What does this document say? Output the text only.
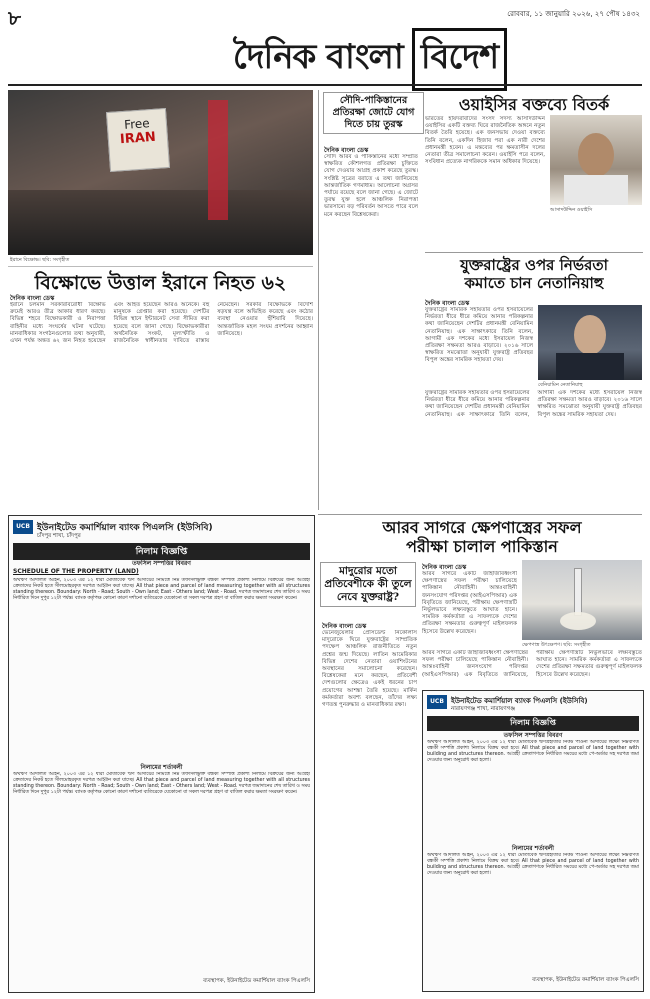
৮	রোববার, ১১ জানুয়ারি ২০২৬, ২৭ পৌষ ১৪৩২
দৈনিক বাংলা বিদেশ
Free
IRAN
ইরানে বিক্ষোভ। ছবি: সংগৃহীত
বিক্ষোভে উত্তাল ইরানে নিহত ৬২
দৈনিক বাংলা ডেস্ক
ইরানে চলমান সরকারবিরোধী বিক্ষোভ ক্রমেই আরও তীব্র আকার ধারণ করছে। বিভিন্ন শহরে বিক্ষোভকারী ও নিরাপত্তা বাহিনীর মধ্যে সংঘর্ষের ঘটনা ঘটেছে। মানবাধিকার সংগঠনগুলোর তথ্য অনুযায়ী, এখন পর্যন্ত অন্তত ৬২ জন নিহত হয়েছেন এবং আহত হয়েছেন আরও অনেকে। বহু মানুষকে গ্রেপ্তার করা হয়েছে। দেশটির বিভিন্ন স্থানে ইন্টারনেট সেবা সীমিত করা হয়েছে বলে জানা গেছে। বিক্ষোভকারীরা অর্থনৈতিক সংকট, মূল্যস্ফীতি ও রাজনৈতিক স্বাধীনতার দাবিতে রাস্তায় নেমেছেন। সরকার বিক্ষোভকে বিদেশি ষড়যন্ত্র বলে অভিহিত করেছে এবং কঠোর ব্যবস্থা নেওয়ার হুঁশিয়ারি দিয়েছে। আন্তর্জাতিক মহল সংযম প্রদর্শনের আহ্বান জানিয়েছে।
সৌদি-পাকিস্তানের প্রতিরক্ষা জোটে যোগ দিতে চায় তুরস্ক
দৈনিক বাংলা ডেস্ক
সৌদি আরব ও পাকিস্তানের মধ্যে সম্প্রতি স্বাক্ষরিত কৌশলগত প্রতিরক্ষা চুক্তিতে যোগ দেওয়ার আগ্রহ প্রকাশ করেছে তুরস্ক। সংশ্লিষ্ট সূত্রের বরাতে এ তথ্য জানিয়েছে আন্তর্জাতিক গণমাধ্যম। আলোচনা অগ্রসর পর্যায়ে রয়েছে বলে জানা গেছে। এ জোটে তুরস্ক যুক্ত হলে আঞ্চলিক নিরাপত্তা ভারসাম্যে বড় পরিবর্তন আসতে পারে বলে মনে করছেন বিশ্লেষকেরা।
ওয়াইসির বক্তব্যে বিতর্ক
ভারতের হায়দরাবাদের সংসদ সদস্য আসাদউদ্দিন ওয়াইসির একটি বক্তব্য ঘিরে রাজনৈতিক অঙ্গনে নতুন বিতর্ক তৈরি হয়েছে। এক জনসভায় দেওয়া বক্তব্যে তিনি বলেন, একদিন হিজাব পরা এক নারী দেশের প্রধানমন্ত্রী হবেন। এ মন্তব্যের পর ক্ষমতাসীন দলের নেতারা তীব্র সমালোচনা করেন। ওয়াইসি পরে বলেন, সংবিধান প্রত্যেক নাগরিককে সমান অধিকার দিয়েছে।
আসাদউদ্দিন ওয়াইসি
যুক্তরাষ্ট্রের ওপর নির্ভরতা
কমাতে চান নেতানিয়াহু
দৈনিক বাংলা ডেস্ক
যুক্তরাষ্ট্রের সামরিক সহায়তার ওপর ইসরায়েলের নির্ভরতা ধীরে ধীরে কমিয়ে আনার পরিকল্পনার কথা জানিয়েছেন দেশটির প্রধানমন্ত্রী বেনিয়ামিন নেতানিয়াহু। এক সাক্ষাৎকারে তিনি বলেন, আগামী এক দশকের মধ্যে ইসরায়েল নিজস্ব প্রতিরক্ষা সক্ষমতা আরও বাড়াবে। ২০১৬ সালে স্বাক্ষরিত সমঝোতা অনুযায়ী যুক্তরাষ্ট্র প্রতিবছর বিপুল অঙ্কের সামরিক সহায়তা দেয়।
বেনিয়ামিন নেতানিয়াহু
যুক্তরাষ্ট্রের সামরিক সহায়তার ওপর ইসরায়েলের নির্ভরতা ধীরে ধীরে কমিয়ে আনার পরিকল্পনার কথা জানিয়েছেন দেশটির প্রধানমন্ত্রী বেনিয়ামিন নেতানিয়াহু। এক সাক্ষাৎকারে তিনি বলেন, আগামী এক দশকের মধ্যে ইসরায়েল নিজস্ব প্রতিরক্ষা সক্ষমতা আরও বাড়াবে। ২০১৬ সালে স্বাক্ষরিত সমঝোতা অনুযায়ী যুক্তরাষ্ট্র প্রতিবছর বিপুল অঙ্কের সামরিক সহায়তা দেয়।
আরব সাগরে ক্ষেপণাস্ত্রের সফল
পরীক্ষা চালাল পাকিস্তান
মাদুরোর মতো প্রতিবেশীকে কী তুলে নেবে যুক্তরাষ্ট্র?
দৈনিক বাংলা ডেস্ক
ভেনেজুয়েলার প্রেসিডেন্ট নিকোলাস মাদুরোকে ঘিরে যুক্তরাষ্ট্রের সাম্প্রতিক পদক্ষেপ আঞ্চলিক রাজনীতিতে নতুন প্রশ্নের জন্ম দিয়েছে। লাতিন আমেরিকার বিভিন্ন দেশের নেতারা ওয়াশিংটনের অবস্থানের সমালোচনা করেছেন। বিশ্লেষকেরা মনে করছেন, প্রতিবেশী দেশগুলোর ক্ষেত্রেও একই ধরনের চাপ প্রয়োগের আশঙ্কা তৈরি হয়েছে। মার্কিন কর্মকর্তারা অবশ্য বলছেন, তাঁদের লক্ষ্য গণতন্ত্র পুনরুদ্ধার ও মানবাধিকার রক্ষা।
দৈনিক বাংলা ডেস্ক
আরব সাগরে একটি জাহাজবিধ্বংসী ক্ষেপণাস্ত্রের সফল পরীক্ষা চালিয়েছে পাকিস্তান নৌবাহিনী। আন্তঃবাহিনী জনসংযোগ পরিদপ্তর (আইএসপিআর) এক বিবৃতিতে জানিয়েছে, পরীক্ষায় ক্ষেপণাস্ত্রটি নির্ভুলভাবে লক্ষ্যবস্তুতে আঘাত হানে। সামরিক কর্মকর্তারা এ সাফল্যকে দেশের প্রতিরক্ষা সক্ষমতার গুরুত্বপূর্ণ মাইলফলক হিসেবে উল্লেখ করেছেন।
ক্ষেপণাস্ত্র উৎক্ষেপণ। ছবি: সংগৃহীত
আরব সাগরে একটি জাহাজবিধ্বংসী ক্ষেপণাস্ত্রের সফল পরীক্ষা চালিয়েছে পাকিস্তান নৌবাহিনী। আন্তঃবাহিনী জনসংযোগ পরিদপ্তর (আইএসপিআর) এক বিবৃতিতে জানিয়েছে, পরীক্ষায় ক্ষেপণাস্ত্রটি নির্ভুলভাবে লক্ষ্যবস্তুতে আঘাত হানে। সামরিক কর্মকর্তারা এ সাফল্যকে দেশের প্রতিরক্ষা সক্ষমতার গুরুত্বপূর্ণ মাইলফলক হিসেবে উল্লেখ করেছেন।
UCB ইউনাইটেড কমার্শিয়াল ব্যাংক পিএলসি (ইউসিবি)
চাঁদপুর শাখা, চাঁদপুর
নিলাম বিজ্ঞপ্তি
তফসিল সম্পত্তির বিবরণ
SCHEDULE OF THE PROPERTY (LAND)
অর্থঋণ আদালত আইন, ২০০৩ এর ১২ ধারা মোতাবেক ঋণ আদায়ের নিমিত্তে নিম্ন তফসিলভুক্ত বন্ধকী সম্পত্তি প্রকাশ্য নিলামে বিক্রয়ের জন্য আগ্রহী ক্রেতাদের নিকট হতে সীলমোহরকৃত দরপত্র আহ্বান করা যাচ্ছে। All that piece and parcel of land measuring together with all structures standing thereon. Boundary: North - Road; South - Own land; East - Others land; West - Road. দরপত্র জমাদানের শেষ তারিখ ও সময় নির্ধারিত দিনে দুপুর ১২টা পর্যন্ত। ব্যাংক কর্তৃপক্ষ কোনো কারণ দর্শানো ব্যতিরেকে যেকোনো বা সকল দরপত্র গ্রহণ বা বাতিল করার ক্ষমতা সংরক্ষণ করেন।
নিলামের শর্তাবলী
অর্থঋণ আদালত আইন, ২০০৩ এর ১২ ধারা মোতাবেক ঋণ আদায়ের নিমিত্তে নিম্ন তফসিলভুক্ত বন্ধকী সম্পত্তি প্রকাশ্য নিলামে বিক্রয়ের জন্য আগ্রহী ক্রেতাদের নিকট হতে সীলমোহরকৃত দরপত্র আহ্বান করা যাচ্ছে। All that piece and parcel of land measuring together with all structures standing thereon. Boundary: North - Road; South - Own land; East - Others land; West - Road. দরপত্র জমাদানের শেষ তারিখ ও সময় নির্ধারিত দিনে দুপুর ১২টা পর্যন্ত। ব্যাংক কর্তৃপক্ষ কোনো কারণ দর্শানো ব্যতিরেকে যেকোনো বা সকল দরপত্র গ্রহণ বা বাতিল করার ক্ষমতা সংরক্ষণ করেন।
ব্যবস্থাপক, ইউনাইটেড কমার্শিয়াল ব্যাংক পিএলসি
UCB	ইউনাইটেড কমার্শিয়াল ব্যাংক পিএলসি (ইউসিবি)
নারায়ণগঞ্জ শাখা, নারায়ণগঞ্জ
নিলাম বিজ্ঞপ্তি
তফসিল সম্পত্তির বিবরণ
অর্থঋণ আদালত আইন, ২০০৩ এর ১২ ধারা মোতাবেক ঋণগ্রহীতার নিকট পাওনা আদায়ের লক্ষ্যে নিম্নবর্ণিত বন্ধকী সম্পত্তি প্রকাশ্য নিলামে বিক্রয় করা হবে। All that piece and parcel of land together with building and structures thereon. আগ্রহী ক্রেতাগণকে নির্ধারিত সময়ের মধ্যে পে-অর্ডার সহ দরপত্র জমা দেওয়ার জন্য অনুরোধ করা হলো।
নিলামের শর্তাবলী
অর্থঋণ আদালত আইন, ২০০৩ এর ১২ ধারা মোতাবেক ঋণগ্রহীতার নিকট পাওনা আদায়ের লক্ষ্যে নিম্নবর্ণিত বন্ধকী সম্পত্তি প্রকাশ্য নিলামে বিক্রয় করা হবে। All that piece and parcel of land together with building and structures thereon. আগ্রহী ক্রেতাগণকে নির্ধারিত সময়ের মধ্যে পে-অর্ডার সহ দরপত্র জমা দেওয়ার জন্য অনুরোধ করা হলো।
ব্যবস্থাপক, ইউনাইটেড কমার্শিয়াল ব্যাংক পিএলসি
